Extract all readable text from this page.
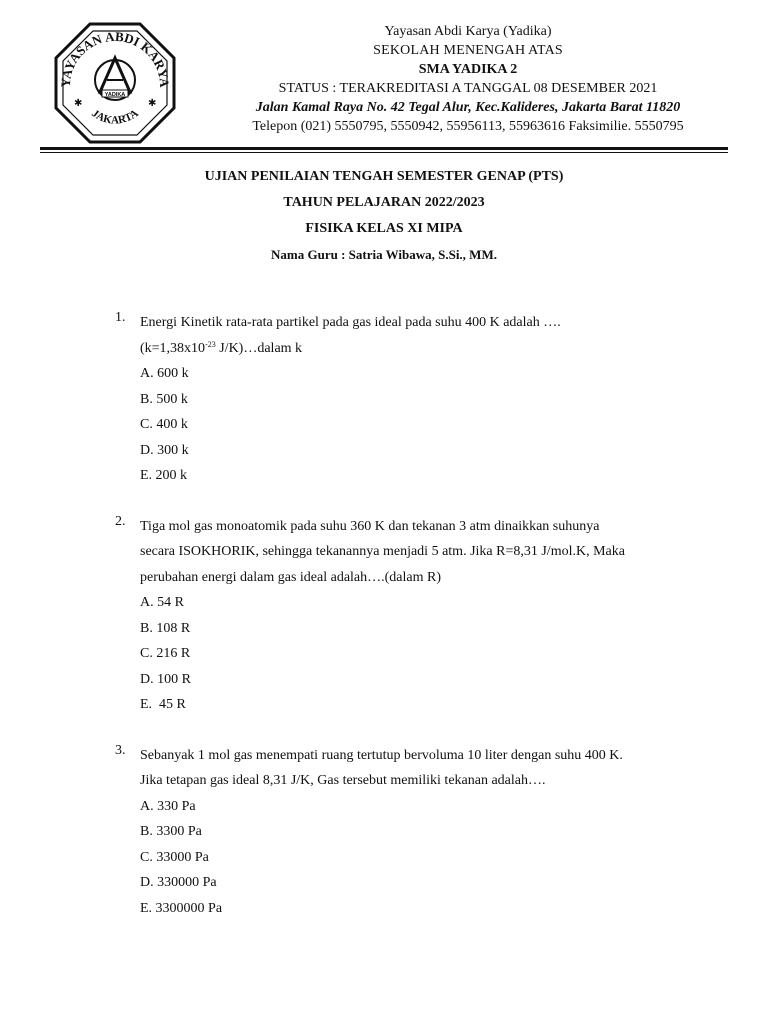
YAYASAN ABDI KARYA
JAKARTA
YADIKA
✱	✱
Yayasan Abdi Karya (Yadika)
SEKOLAH MENENGAH ATAS
SMA YADIKA 2
STATUS : TERAKREDITASI A TANGGAL 08 DESEMBER 2021
Jalan Kamal Raya No. 42 Tegal Alur, Kec.Kalideres, Jakarta Barat 11820
Telepon (021) 5550795, 5550942, 55956113, 55963616 Faksimilie. 5550795
UJIAN PENILAIAN TENGAH SEMESTER GENAP (PTS)
TAHUN PELAJARAN 2022/2023
FISIKA KELAS XI MIPA
Nama Guru : Satria Wibawa, S.Si., MM.
1.	Energi Kinetik rata-rata partikel pada gas ideal pada suhu 400 K adalah ….
($k=1,38x10^{-23}$ J/K)…dalam k
A. 600 k
B. 500 k
C. 400 k
D. 300 k
E. 200 k
2.	Tiga mol gas monoatomik pada suhu 360 K dan tekanan 3 atm dinaikkan suhunya
secara ISOKHORIK, sehingga tekanannya menjadi 5 atm. Jika R=8,31 J/mol.K, Maka
perubahan energi dalam gas ideal adalah….(dalam R)
A. 54 R
B. 108 R
C. 216 R
D. 100 R
E.  45 R
3.	Sebanyak 1 mol gas menempati ruang tertutup bervoluma 10 liter dengan suhu 400 K.
Jika tetapan gas ideal 8,31 J/K, Gas tersebut memiliki tekanan adalah….
A. 330 Pa
B. 3300 Pa
C. 33000 Pa
D. 330000 Pa
E. 3300000 Pa
